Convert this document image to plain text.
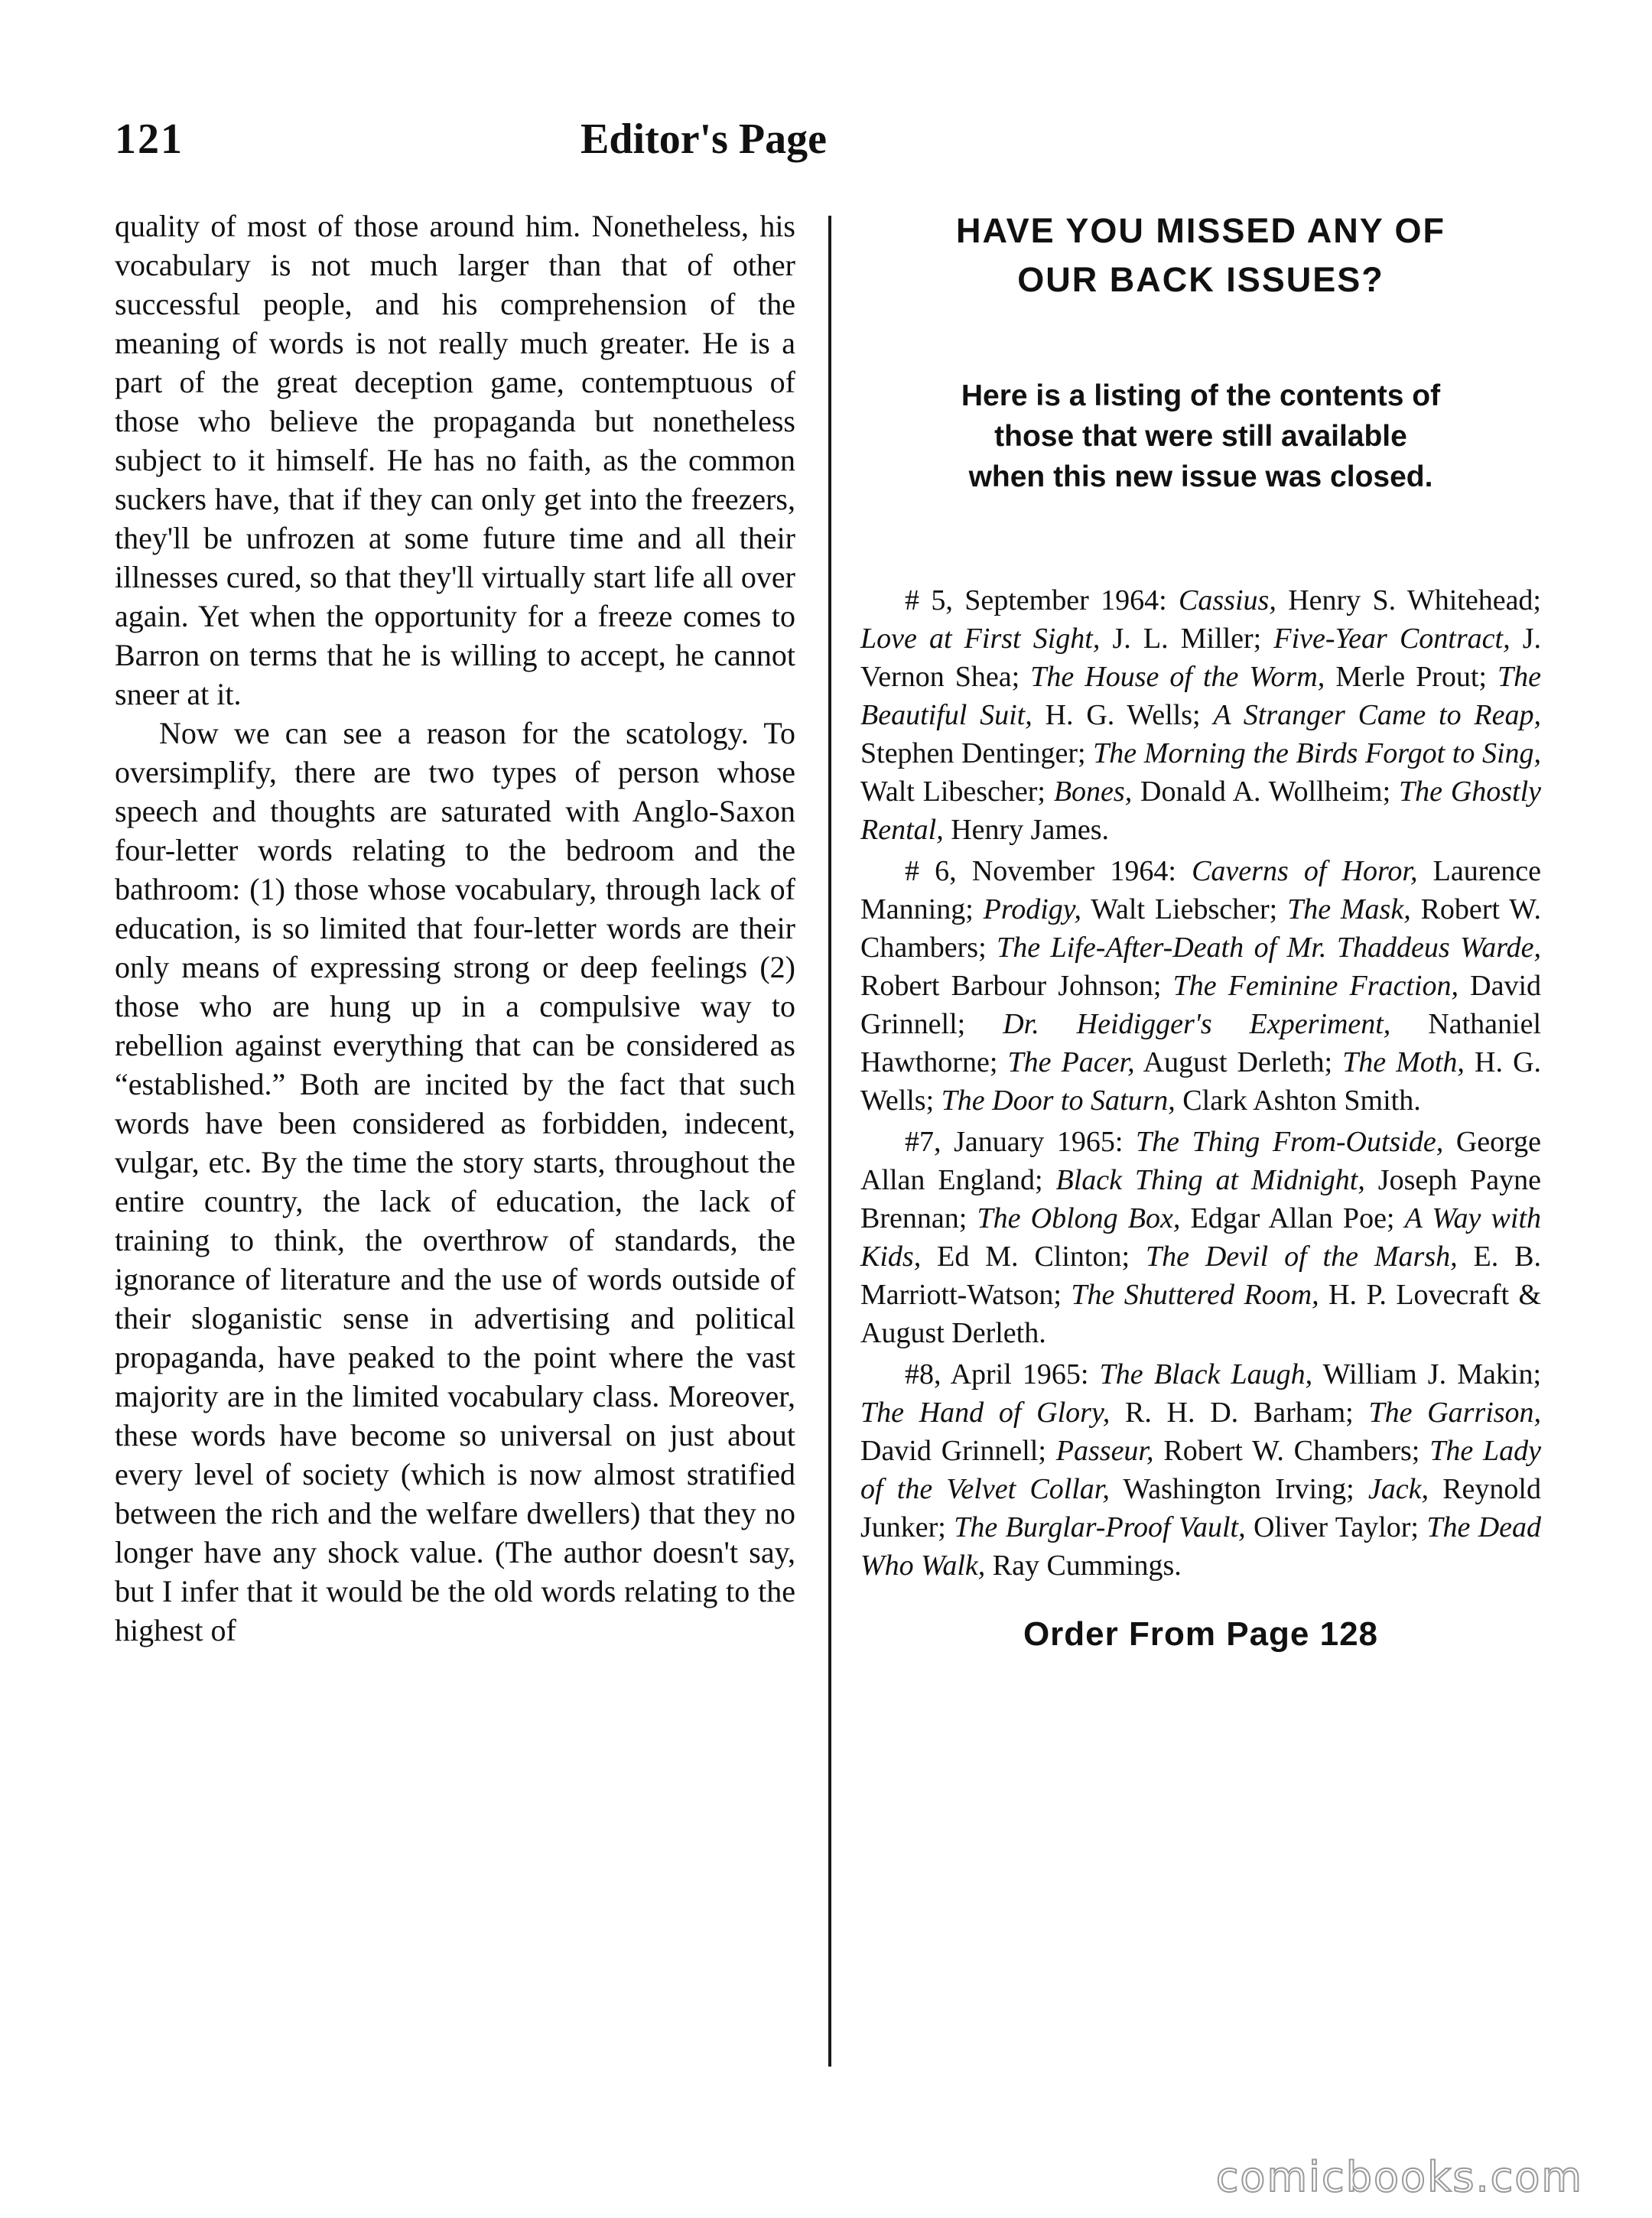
121	Editor's Page

quality of most of those around him. Nonetheless, his vocabulary is not much larger than that of other successful people, and his comprehension of the meaning of words is not really much greater. He is a part of the great deception game, contemptuous of those who believe the propaganda but nonetheless subject to it himself. He has no faith, as the common suckers have, that if they can only get into the freezers, they'll be unfrozen at some future time and all their illnesses cured, so that they'll virtually start life all over again. Yet when the opportunity for a freeze comes to Barron on terms that he is willing to accept, he cannot sneer at it.

Now we can see a reason for the scatology. To oversimplify, there are two types of person whose speech and thoughts are saturated with Anglo-Saxon four-letter words relating to the bedroom and the bathroom: (1) those whose vocabulary, through lack of education, is so limited that four-letter words are their only means of expressing strong or deep feelings (2) those who are hung up in a compulsive way to rebellion against everything that can be considered as “established.” Both are incited by the fact that such words have been considered as forbidden, indecent, vulgar, etc. By the time the story starts, throughout the entire country, the lack of education, the lack of training to think, the overthrow of standards, the ignorance of literature and the use of words outside of their sloganistic sense in advertising and political propaganda, have peaked to the point where the vast majority are in the limited vocabulary class. Moreover, these words have become so universal on just about every level of society (which is now almost stratified between the rich and the welfare dwellers) that they no longer have any shock value. (The author doesn't say, but I infer that it would be the old words relating to the highest of

HAVE YOU MISSED ANY OF
OUR BACK ISSUES?
Here is a listing of the contents of those that were still available when this new issue was closed.

# 5, September 1964: Cassius, Henry S. Whitehead; Love at First Sight, J. L. Miller; Five-Year Contract, J. Vernon Shea; The House of the Worm, Merle Prout; The Beautiful Suit, H. G. Wells; A Stranger Came to Reap, Stephen Dentinger; The Morning the Birds Forgot to Sing, Walt Libescher; Bones, Donald A. Wollheim; The Ghostly Rental, Henry James.

# 6, November 1964: Caverns of Horor, Laurence Manning; Prodigy, Walt Liebscher; The Mask, Robert W. Chambers; The Life-After-Death of Mr. Thaddeus Warde, Robert Barbour Johnson; The Feminine Fraction, David Grinnell; Dr. Heidigger's Experiment, Nathaniel Hawthorne; The Pacer, August Derleth; The Moth, H. G. Wells; The Door to Saturn, Clark Ashton Smith.

#7, January 1965: The Thing From-Outside, George Allan England; Black Thing at Midnight, Joseph Payne Brennan; The Oblong Box, Edgar Allan Poe; A Way with Kids, Ed M. Clinton; The Devil of the Marsh, E. B. Marriott-Watson; The Shuttered Room, H. P. Lovecraft & August Derleth.

#8, April 1965: The Black Laugh, William J. Makin; The Hand of Glory, R. H. D. Barham; The Garrison, David Grinnell; Passeur, Robert W. Chambers; The Lady of the Velvet Collar, Washington Irving; Jack, Reynold Junker; The Burglar-Proof Vault, Oliver Taylor; The Dead Who Walk, Ray Cummings.

Order From Page 128
comicbooks.com
